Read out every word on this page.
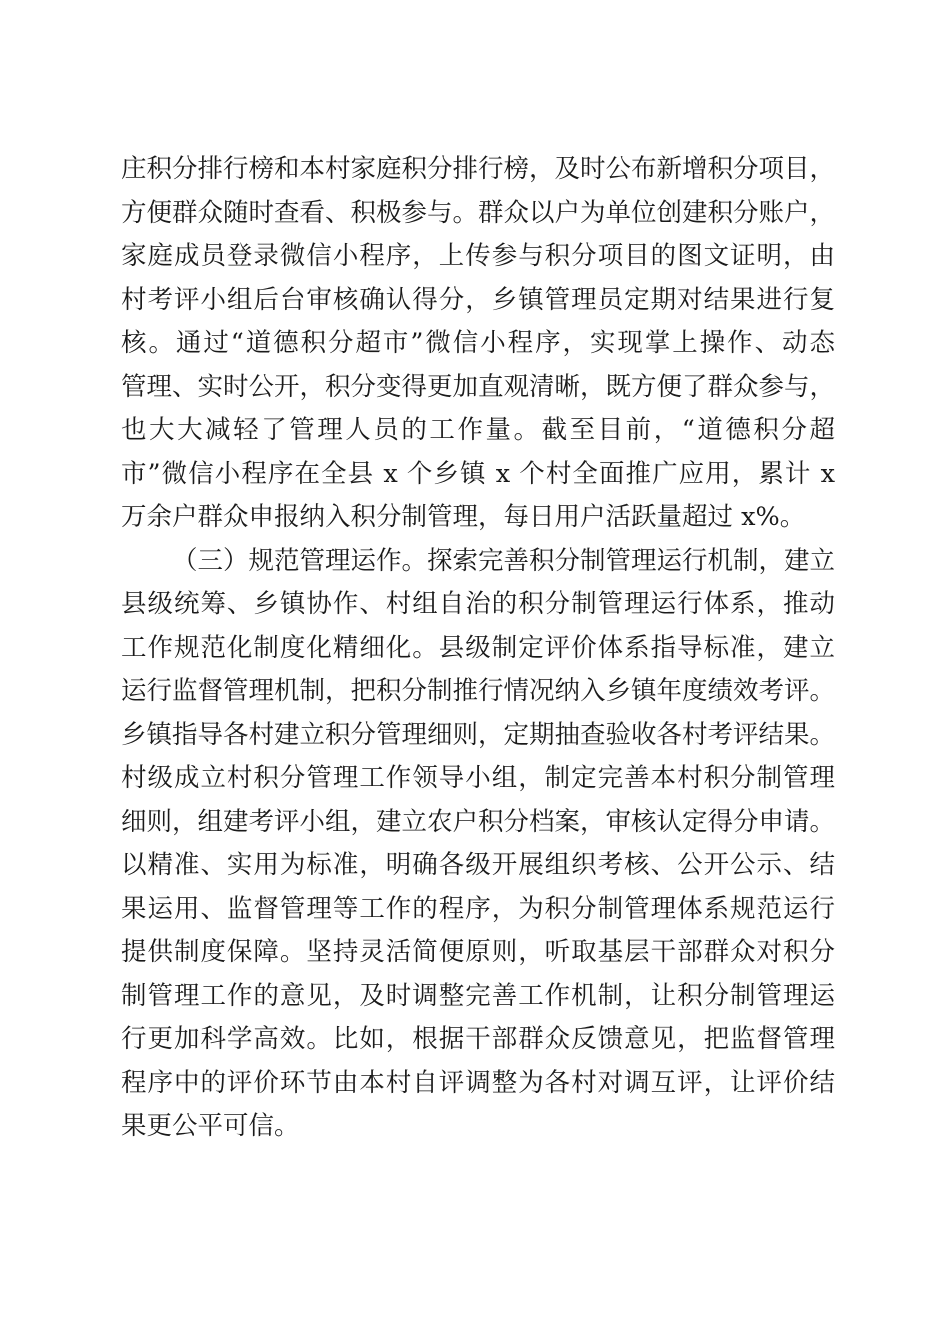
庄积分排行榜和本村家庭积分排行榜，及时公布新增积分项目，

方便群众随时查看、积极参与。群众以户为单位创建积分账户，

家庭成员登录微信小程序，上传参与积分项目的图文证明，由

村考评小组后台审核确认得分，乡镇管理员定期对结果进行复

核。通过“道德积分超市”微信小程序，实现掌上操作、动态

管理、实时公开，积分变得更加直观清晰，既方便了群众参与，

也大大减轻了管理人员的工作量。截至目前，“道德积分超

市”微信小程序在全县 x 个乡镇 x 个村全面推广应用，累计 x

万余户群众申报纳入积分制管理，每日用户活跃量超过 x%。

（三）规范管理运作。探索完善积分制管理运行机制，建立

县级统筹、乡镇协作、村组自治的积分制管理运行体系，推动

工作规范化制度化精细化。县级制定评价体系指导标准，建立

运行监督管理机制，把积分制推行情况纳入乡镇年度绩效考评。

乡镇指导各村建立积分管理细则，定期抽查验收各村考评结果。

村级成立村积分管理工作领导小组，制定完善本村积分制管理

细则，组建考评小组，建立农户积分档案，审核认定得分申请。

以精准、实用为标准，明确各级开展组织考核、公开公示、结

果运用、监督管理等工作的程序，为积分制管理体系规范运行

提供制度保障。坚持灵活简便原则，听取基层干部群众对积分

制管理工作的意见，及时调整完善工作机制，让积分制管理运

行更加科学高效。比如，根据干部群众反馈意见，把监督管理

程序中的评价环节由本村自评调整为各村对调互评，让评价结

果更公平可信。
